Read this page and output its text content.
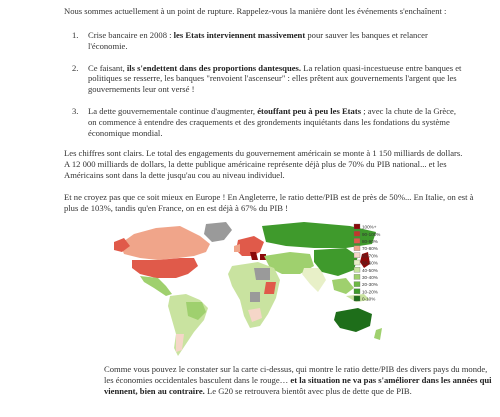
Nous sommes actuellement à un point de rupture. Rappelez-vous la manière dont les événements s'enchaînent :

1. Crise bancaire en 2008 : les Etats interviennent massivement pour sauver les banques et relancer l'économie.
2. Ce faisant, ils s'endettent dans des proportions dantesques. La relation quasi-incestueuse entre banques et politiques se resserre, les banques "renvoient l'ascenseur" : elles prêtent aux gouvernements l'argent que les gouvernements leur ont versé !
3. La dette gouvernementale continue d'augmenter, étouffant peu à peu les Etats ; avec la chute de la Grèce, on commence à entendre des craquements et des grondements inquiétants dans les fondations du système économique mondial.

Les chiffres sont clairs. Le total des engagements du gouvernement américain se monte à 1 150 milliards de dollars. A 12 000 milliards de dollars, la dette publique américaine représente déjà plus de 70% du PIB national... et les Américains sont dans la dette jusqu'au cou au niveau individuel.

Et ne croyez pas que ce soit mieux en Europe ! En Angleterre, le ratio dette/PIB est de près de 50%... En Italie, on est à plus de 103%, tandis qu'en France, on en est déjà à 67% du PIB !

100%+
90-100%
80-90%
70-80%
60-70%
50-60%
40-50%
30-40%
20-30%
10-20%
0-10%

Comme vous pouvez le constater sur la carte ci-dessus, qui montre le ratio dette/PIB des divers pays du monde, les économies occidentales basculent dans le rouge… et la situation ne va pas s'améliorer dans les années qui viennent, bien au contraire. Le G20 se retrouvera bientôt avec plus de dette que de PIB.
